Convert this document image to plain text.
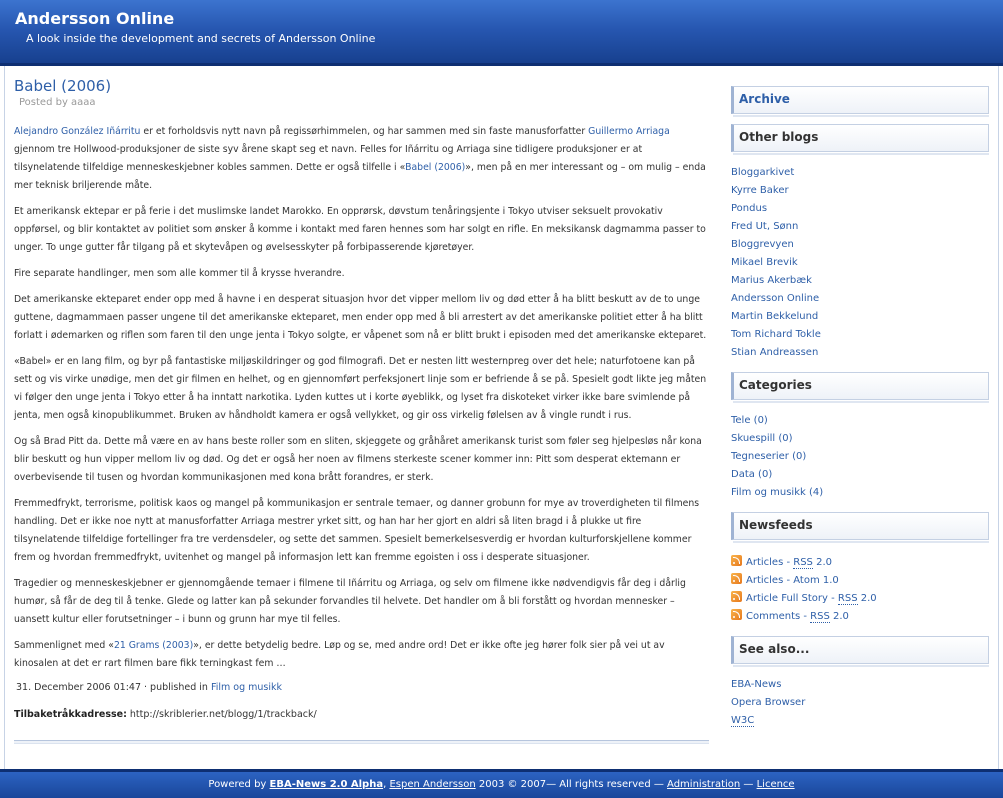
Andersson Online
A look inside the development and secrets of Andersson Online
Babel (2006)
Posted by aaaa

Alejandro González Iñárritu er et forholdsvis nytt navn på regissørhimmelen, og har sammen med sin faste manusforfatter Guillermo Arriaga gjennom tre Hollwood-produksjoner de siste syv årene skapt seg et navn. Felles for Iñárritu og Arriaga sine tidligere produksjoner er at tilsynelatende tilfeldige menneskeskjebner kobles sammen. Dette er også tilfelle i «Babel (2006)», men på en mer interessant og – om mulig – enda mer teknisk briljerende måte.

Et amerikansk ektepar er på ferie i det muslimske landet Marokko. En opprørsk, døvstum tenåringsjente i Tokyo utviser seksuelt provokativ oppførsel, og blir kontaktet av politiet som ønsker å komme i kontakt med faren hennes som har solgt en rifle. En meksikansk dagmamma passer to unger. To unge gutter får tilgang på et skytevåpen og øvelsesskyter på forbipasserende kjøretøyer.

Fire separate handlinger, men som alle kommer til å krysse hverandre.

Det amerikanske ekteparet ender opp med å havne i en desperat situasjon hvor det vipper mellom liv og død etter å ha blitt beskutt av de to unge guttene, dagmammaen passer ungene til det amerikanske ekteparet, men ender opp med å bli arrestert av det amerikanske politiet etter å ha blitt forlatt i ødemarken og riflen som faren til den unge jenta i Tokyo solgte, er våpenet som nå er blitt brukt i episoden med det amerikanske ekteparet.

«Babel» er en lang film, og byr på fantastiske miljøskildringer og god filmografi. Det er nesten litt westernpreg over det hele; naturfotoene kan på sett og vis virke unødige, men det gir filmen en helhet, og en gjennomført perfeksjonert linje som er befriende å se på. Spesielt godt likte jeg måten vi følger den unge jenta i Tokyo etter å ha inntatt narkotika. Lyden kuttes ut i korte øyeblikk, og lyset fra diskoteket virker ikke bare svimlende på jenta, men også kinopublikummet. Bruken av håndholdt kamera er også vellykket, og gir oss virkelig følelsen av å vingle rundt i rus.

Og så Brad Pitt da. Dette må være en av hans beste roller som en sliten, skjeggete og gråhåret amerikansk turist som føler seg hjelpesløs når kona blir beskutt og hun vipper mellom liv og død. Og det er også her noen av filmens sterkeste scener kommer inn: Pitt som desperat ektemann er overbevisende til tusen og hvordan kommunikasjonen med kona brått forandres, er sterk.

Fremmedfrykt, terrorisme, politisk kaos og mangel på kommunikasjon er sentrale temaer, og danner grobunn for mye av troverdigheten til filmens handling. Det er ikke noe nytt at manusforfatter Arriaga mestrer yrket sitt, og han har her gjort en aldri så liten bragd i å plukke ut fire tilsynelatende tilfeldige fortellinger fra tre verdensdeler, og sette det sammen. Spesielt bemerkelsesverdig er hvordan kulturforskjellene kommer frem og hvordan fremmedfrykt, uvitenhet og mangel på informasjon lett kan fremme egoisten i oss i desperate situasjoner.

Tragedier og menneskeskjebner er gjennomgående temaer i filmene til Iñárritu og Arriaga, og selv om filmene ikke nødvendigvis får deg i dårlig humør, så får de deg til å tenke. Glede og latter kan på sekunder forvandles til helvete. Det handler om å bli forstått og hvordan mennesker – uansett kultur eller forutsetninger – i bunn og grunn har mye til felles.

Sammenlignet med «21 Grams (2003)», er dette betydelig bedre. Løp og se, med andre ord! Det er ikke ofte jeg hører folk sier på vei ut av kinosalen at det er rart filmen bare fikk terningkast fem …

31. December 2006 01:47 · published in Film og musikk
Tilbaketråkkadresse: http://skriblerier.net/blogg/1/trackback/
Archive
Other blogs
Bloggarkivet
Kyrre Baker
Pondus
Fred Ut, Sønn
Bloggrevyen
Mikael Brevik
Marius Akerbæk
Andersson Online
Martin Bekkelund
Tom Richard Tokle
Stian Andreassen
Categories
Tele (0)
Skuespill (0)
Tegneserier (0)
Data (0)
Film og musikk (4)
Newsfeeds
Articles - RSS 2.0
Articles - Atom 1.0
Article Full Story - RSS 2.0
Comments - RSS 2.0
See also...
EBA-News
Opera Browser
W3C
Powered by EBA-News 2.0 Alpha, Espen Andersson 2003 © 2007— All rights reserved — Administration — Licence
